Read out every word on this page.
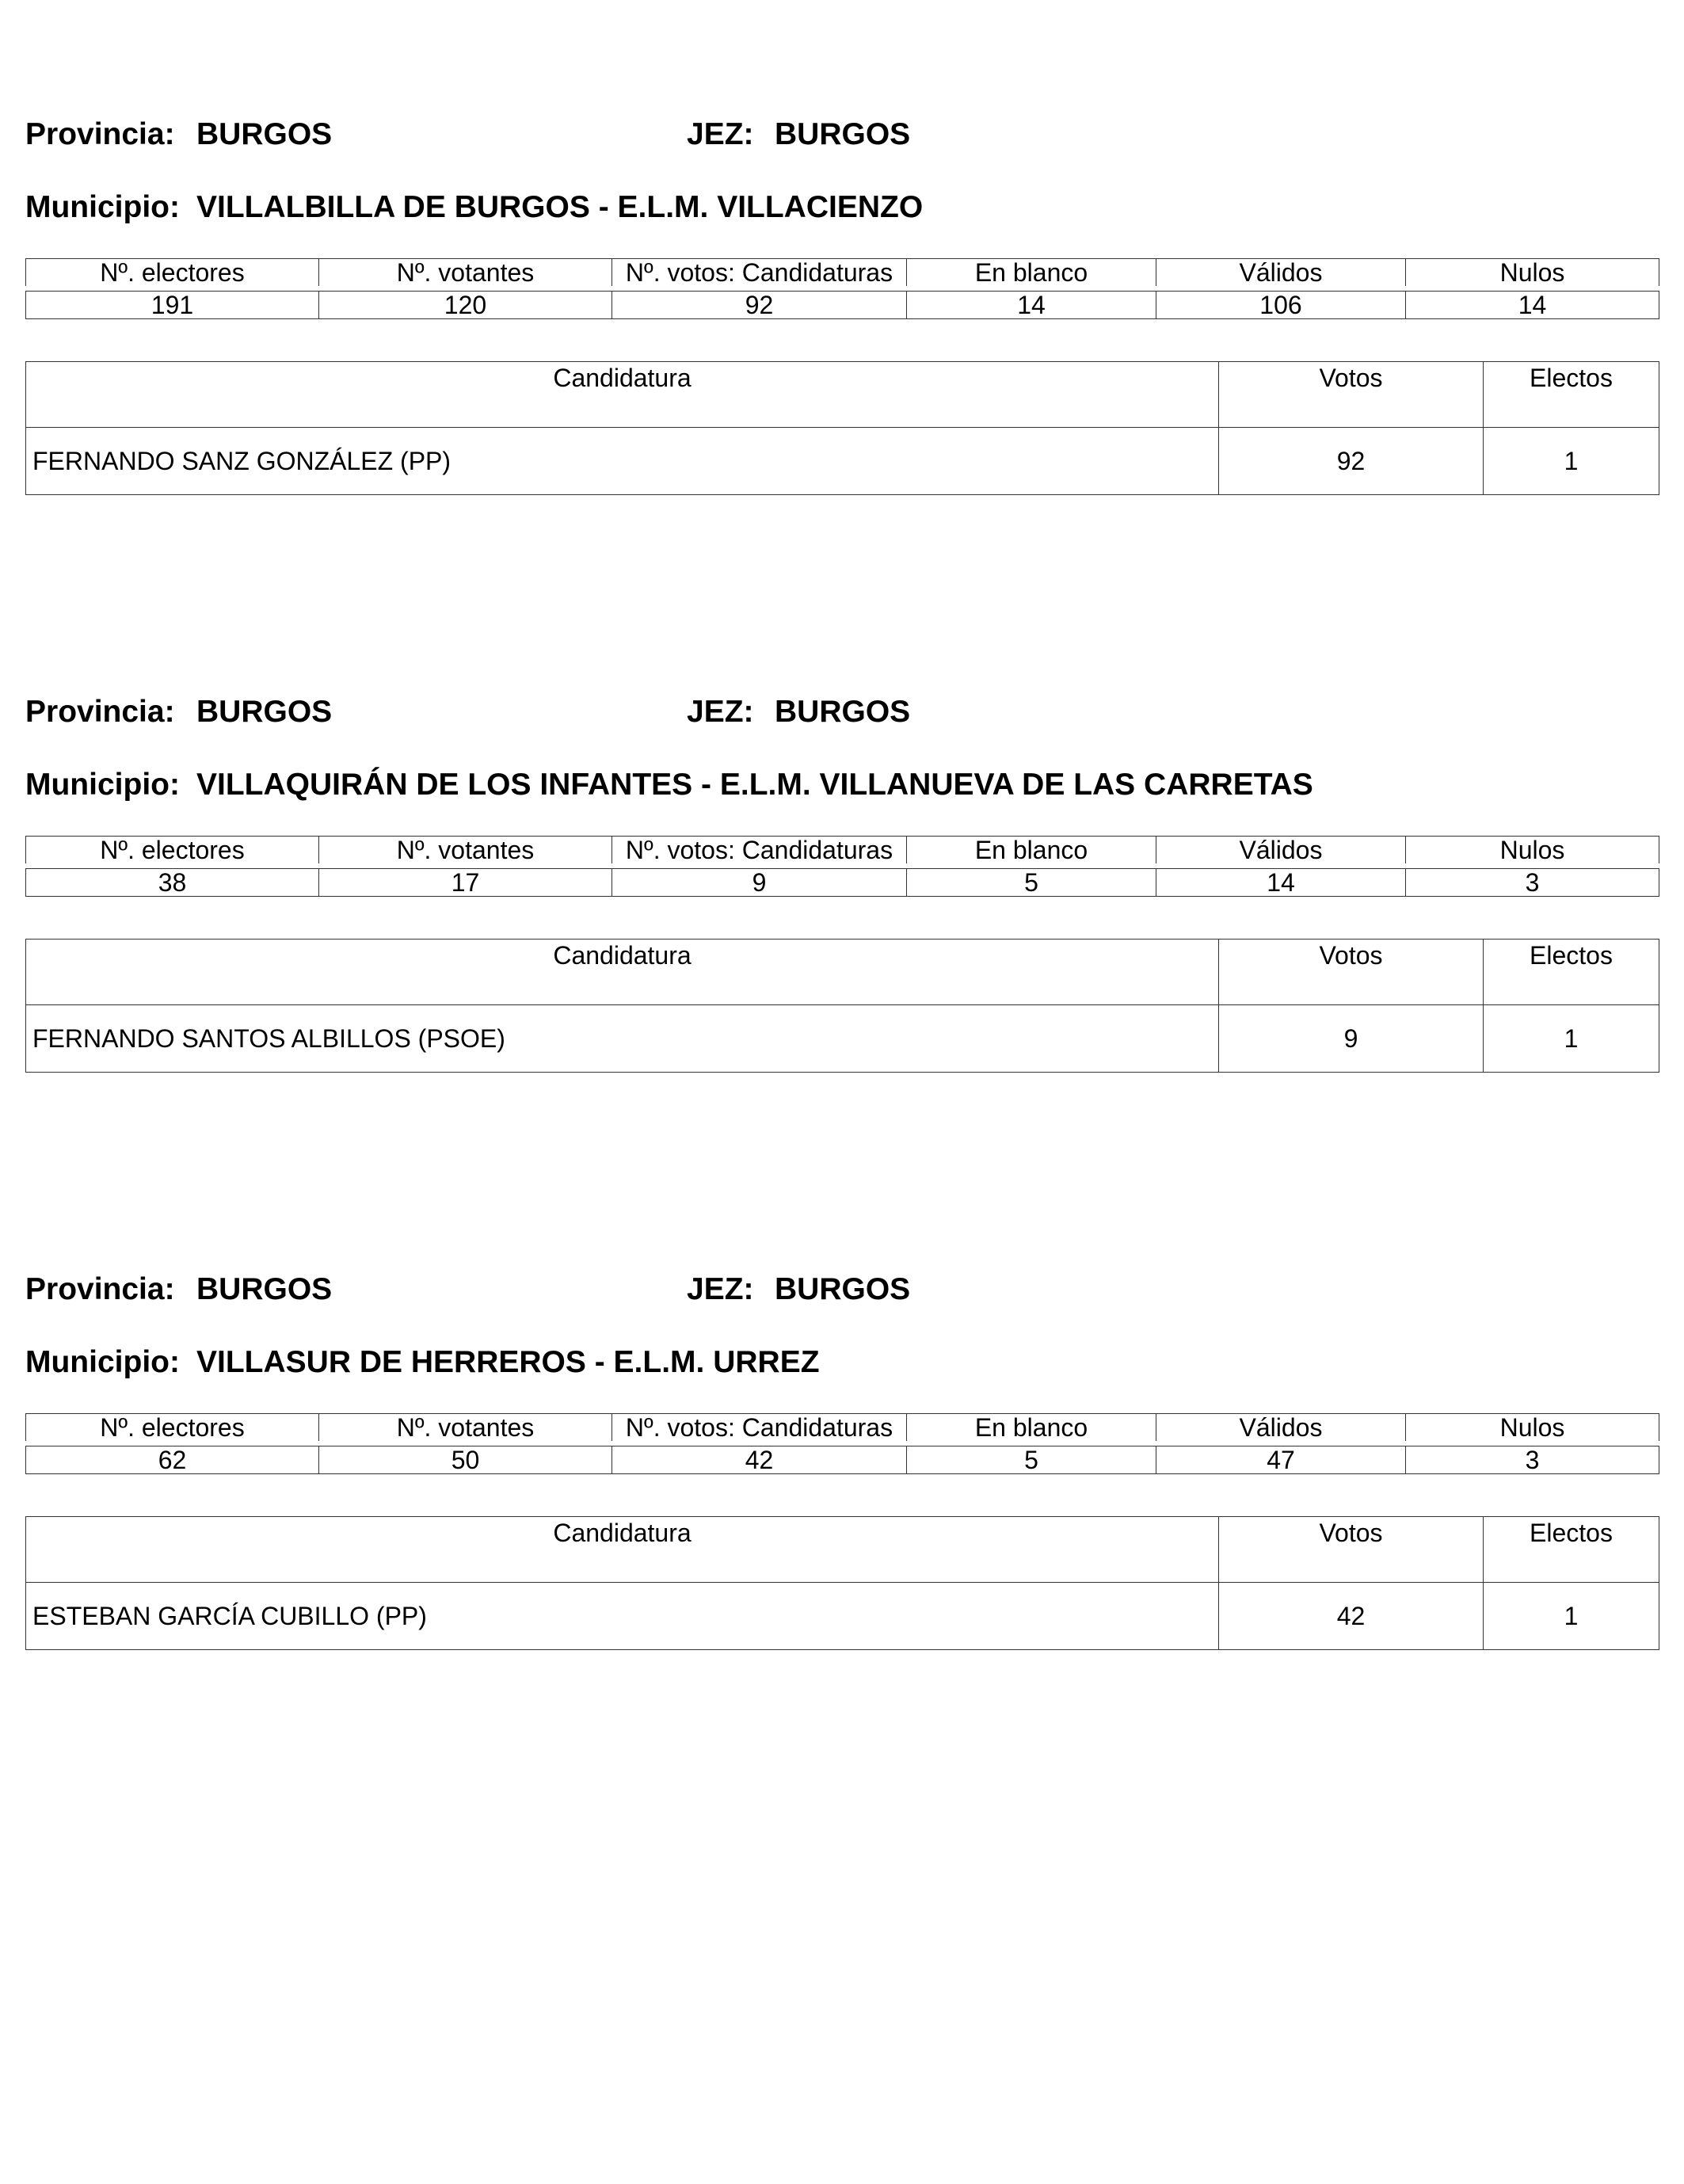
Provincia: BURGOS	JEZ: BURGOS
Municipio: VILLALBILLA DE BURGOS - E.L.M. VILLACIENZO
Nº. electores	Nº. votantes	Nº. votos: Candidaturas	En blanco	Válidos	Nulos

191	120	92	14	106	14
Candidatura	Votos	Electos
FERNANDO SANZ GONZÁLEZ (PP)	92	1
Provincia: BURGOS	JEZ: BURGOS
Municipio: VILLAQUIRÁN DE LOS INFANTES - E.L.M. VILLANUEVA DE LAS CARRETAS
Nº. electores	Nº. votantes	Nº. votos: Candidaturas	En blanco	Válidos	Nulos

38	17	9	5	14	3
Candidatura	Votos	Electos
FERNANDO SANTOS ALBILLOS (PSOE)	9	1
Provincia: BURGOS	JEZ: BURGOS
Municipio: VILLASUR DE HERREROS - E.L.M. URREZ
Nº. electores	Nº. votantes	Nº. votos: Candidaturas	En blanco	Válidos	Nulos

62	50	42	5	47	3
Candidatura	Votos	Electos
ESTEBAN GARCÍA CUBILLO (PP)	42	1
